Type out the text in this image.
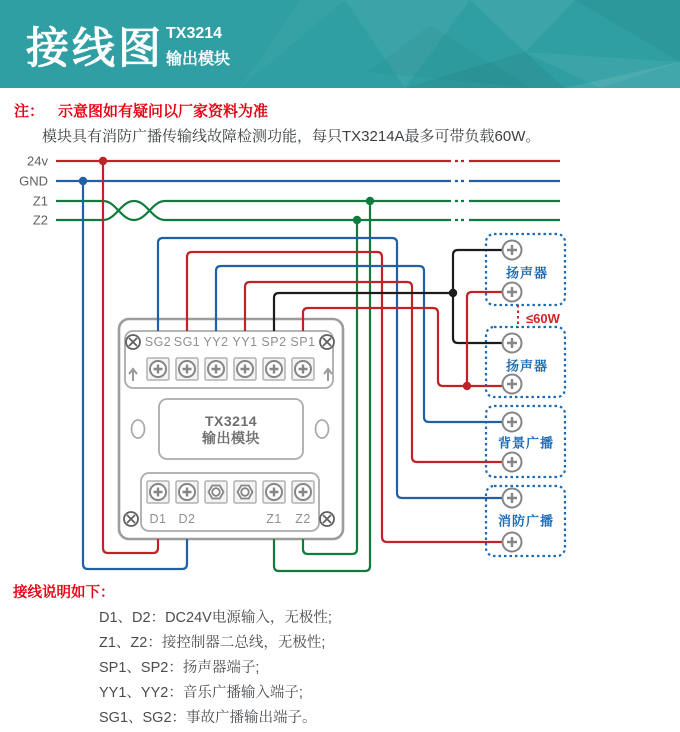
接线图 TX3214
输出模块
注： 示意图如有疑问以厂家资料为准
模块具有消防广播传输线故障检测功能，每只TX3214A最多可带负载60W。
24v
GND
Z1
Z2
SG2 SG1 YY2 YY1 SP2 SP1
TX3214
输出模块
D1 D2	Z1 Z2
扬声器
扬声器
背景广播
消防广播
≤60W
接线说明如下：
D1、D2：DC24V电源输入，无极性;
Z1、Z2：接控制器二总线，无极性;
SP1、SP2：扬声器端子;
YY1、YY2：音乐广播输入端子;
SG1、SG2：事故广播输出端子。
